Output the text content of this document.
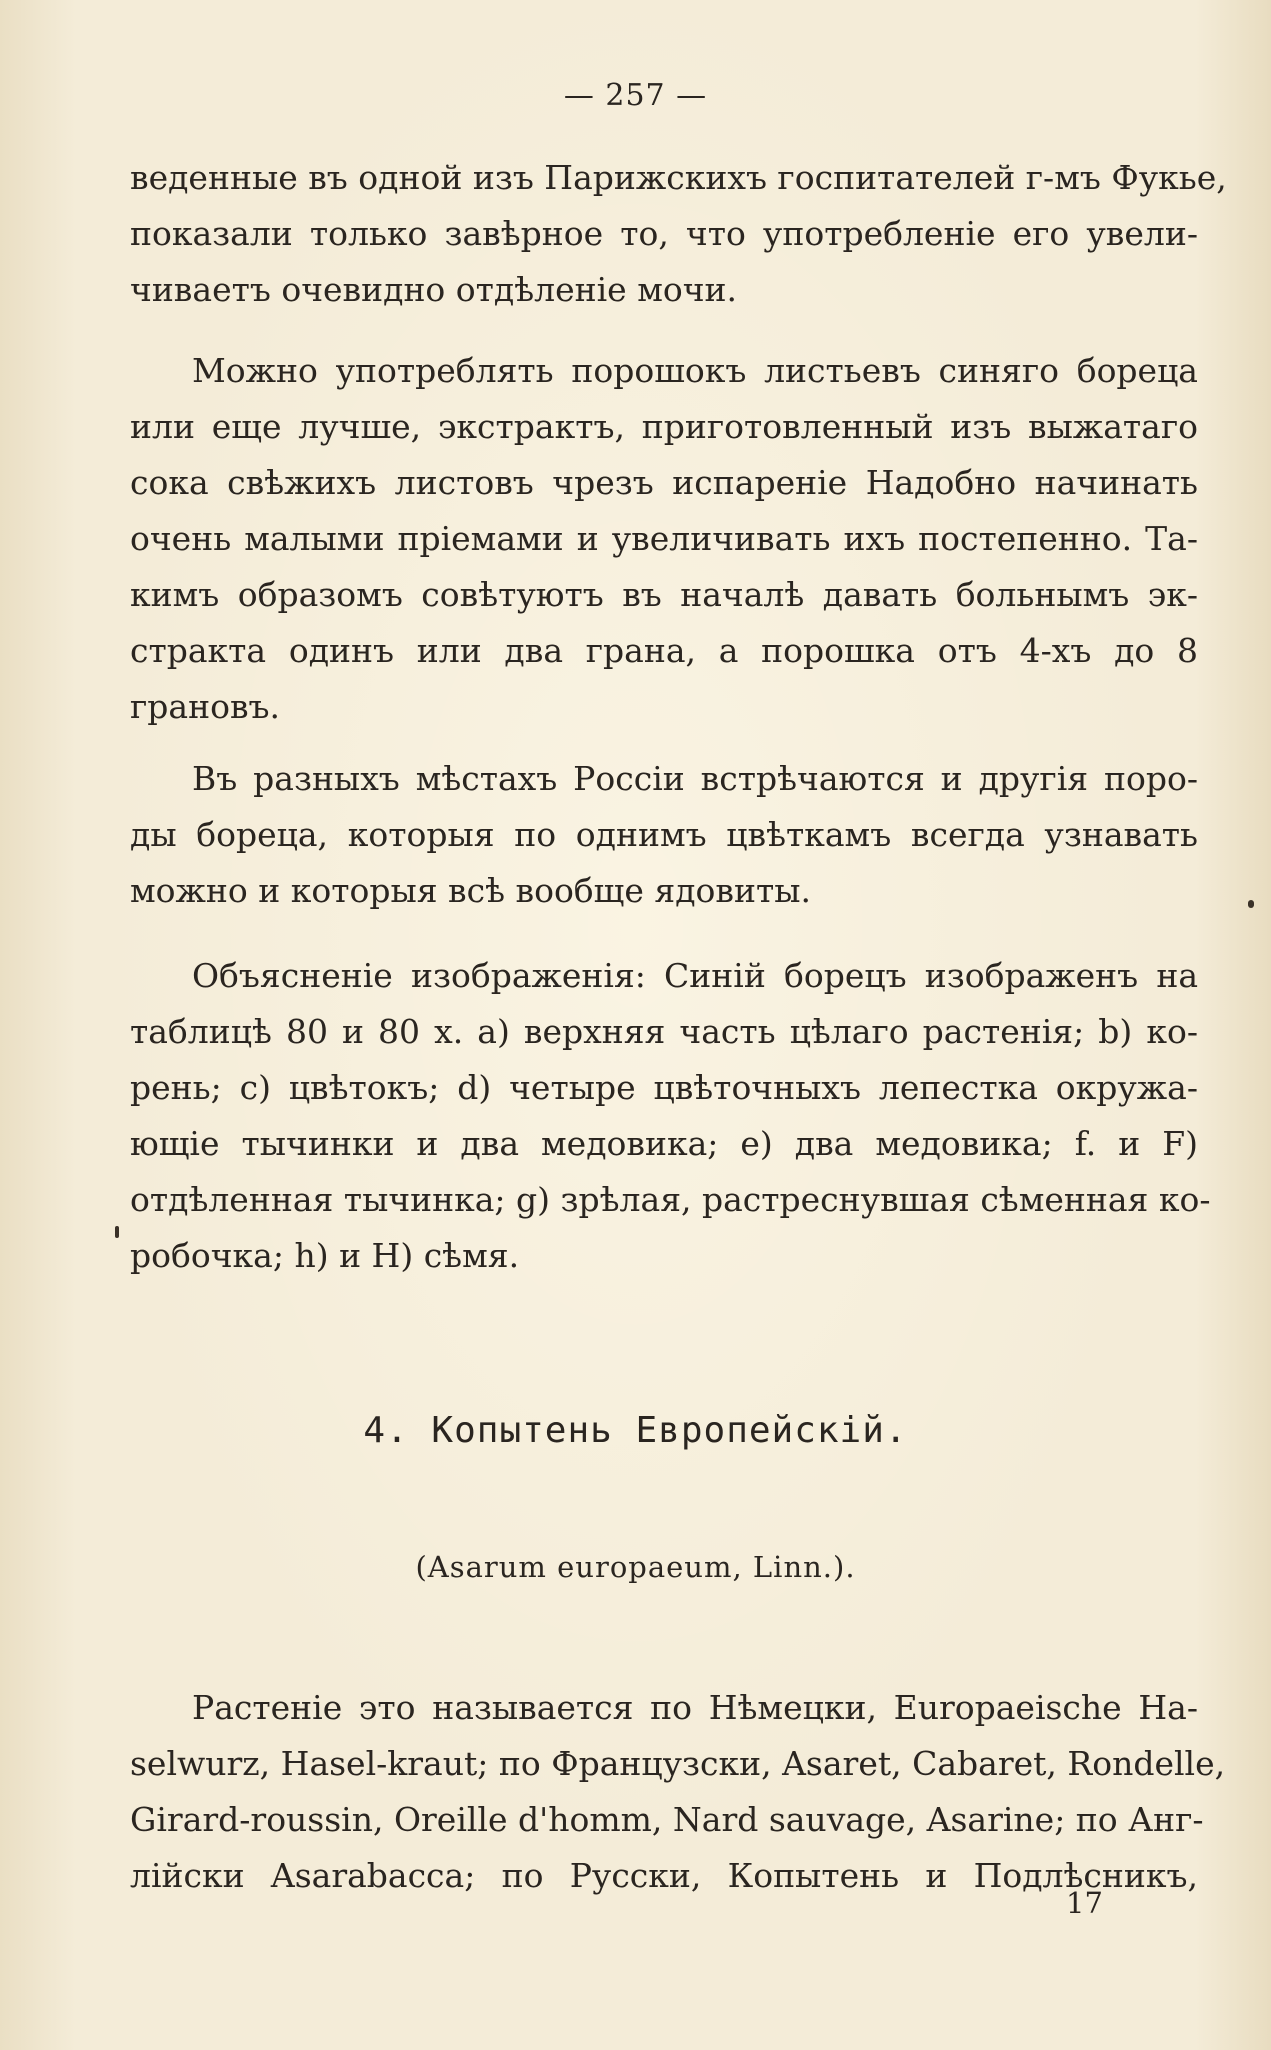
— 257 —
веденные въ одной изъ Парижскихъ госпитателей г-мъ Фукье,
показали только завѣрное то, что употребленіе его увели-
чиваетъ очевидно отдѣленіе мочи.
Можно употреблять порошокъ листьевъ синяго бореца
или еще лучше, экстрактъ, приготовленный изъ выжатаго
сока свѣжихъ листовъ чрезъ испареніе Надобно начинать
очень малыми пріемами и увеличивать ихъ постепенно. Та-
кимъ образомъ совѣтуютъ въ началѣ давать больнымъ эк-
стракта одинъ или два грана, а порошка отъ 4-хъ до 8
грановъ.
Въ разныхъ мѣстахъ Россіи встрѣчаются и другія поро-
ды бореца, которыя по однимъ цвѣткамъ всегда узнавать
можно и которыя всѣ вообще ядовиты.
Объясненіе изображенія: Синій борецъ изображенъ на
таблицѣ 80 и 80 х. а) верхняя часть цѣлаго растенія; b) ко-
рень; с) цвѣтокъ; d) четыре цвѣточныхъ лепестка окружа-
ющіе тычинки и два медовика; е) два медовика; f. и F)
отдѣленная тычинка; g) зрѣлая, растреснувшая сѣменная ко-
робочка; h) и Н) сѣмя.
4. Копытень Европейскій.
(Asarum europaeum, Linn.).
Растеніе это называется по Нѣмецки, Europaeische Ha-
selwurz, Hasel-kraut; по Французски, Asaret, Cabaret, Rondelle,
Girard-roussin, Oreille d'homm, Nard sauvage, Asarine; по Анг-
лійски Asarabacca; по Русски, Копытень и Подлѣсникъ,
17
